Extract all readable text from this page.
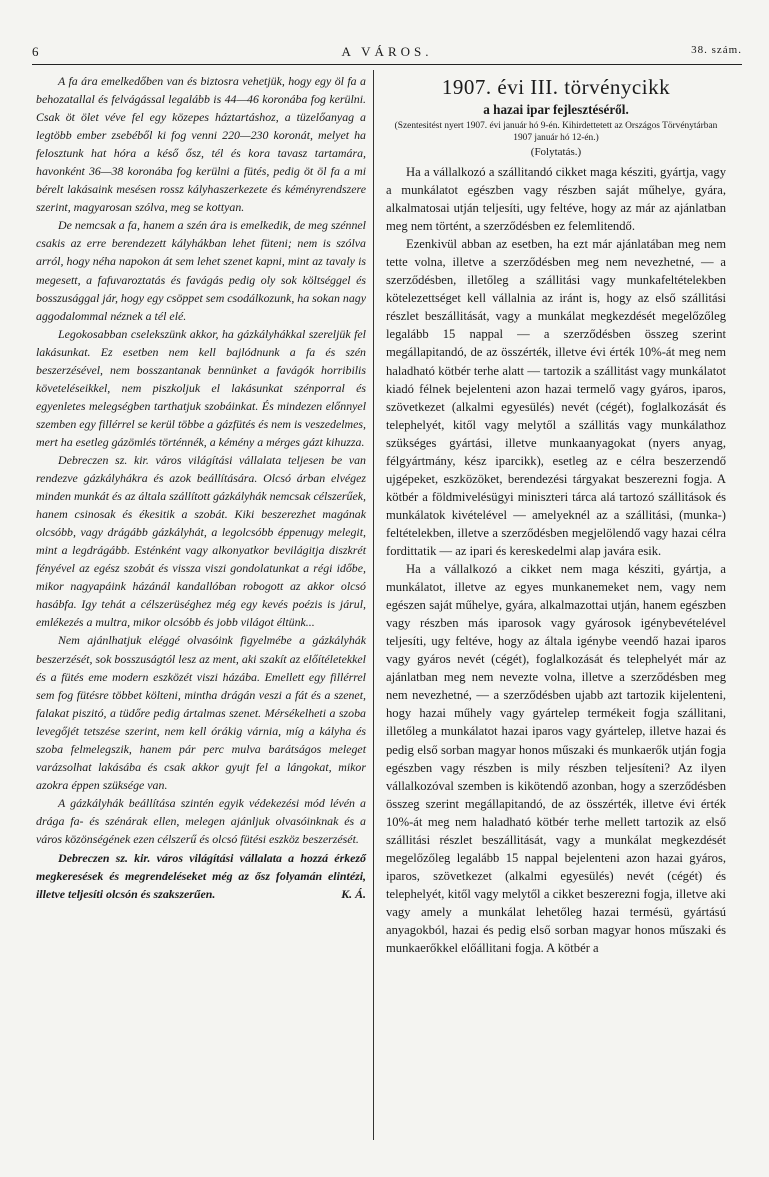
6	A VÁROS.	38. szám.

A fa ára emelkedőben van és biztosra vehetjük, hogy egy öl fa a behozatallal és felvágással legalább is 44—46 koronába fog kerülni. Csak öt ölet véve fel egy közepes háztartáshoz, a tüzelőanyag a legtöbb ember zsebéből ki fog venni 220—230 koronát, melyet ha felosztunk hat hóra a késő ősz, tél és kora tavasz tartamára, havonként 36—38 koronába fog kerülni a fütés, pedig öt öl fa a mi bérelt lakásaink mesésen rossz kályhaszerkezete és kéményrendszere szerint, magyarosan szólva, meg se kottyan.

De nemcsak a fa, hanem a szén ára is emelkedik, de meg szénnel csakis az erre berendezett kályhákban lehet füteni; nem is szólva arról, hogy néha napokon át sem lehet szenet kapni, mint az tavaly is megesett, a fafuvaroztatás és favágás pedig oly sok költséggel és bosszusággal jár, hogy egy csöppet sem csodálkozunk, ha sokan nagy aggodalommal néznek a tél elé.

Legokosabban cselekszünk akkor, ha gázkályhákkal szereljük fel lakásunkat. Ez esetben nem kell bajlódnunk a fa és szén beszerzésével, nem bosszantanak bennünket a favágók horribilis követeléseikkel, nem piszkoljuk el lakásunkat szénporral és egyenletes melegségben tarthatjuk szobáinkat. És mindezen előnnyel szemben egy fillérrel se kerül többe a gázfütés és nem is veszedelmes, mert ha esetleg gázömlés történnék, a kémény a mérges gázt kihuzza.

Debreczen sz. kir. város világítási vállalata teljesen be van rendezve gázkályhákra és azok beállítására. Olcsó árban elvégez minden munkát és az általa szállított gázkályhák nemcsak célszerűek, hanem csinosak és ékesitik a szobát. Kiki beszerezhet magának olcsóbb, vagy drágább gázkályhát, a legolcsóbb éppenugy melegit, mint a legdrágább. Esténként vagy alkonyatkor bevilágitja diszkrét fényével az egész szobát és vissza viszi gondolatunkat a régi időbe, mikor nagyapáink házánál kandallóban robogott az akkor olcsó hasábfa. Igy tehát a célszerüséghez még egy kevés poézis is járul, emlékezés a multra, mikor olcsóbb és jobb világot éltünk...

Nem ajánlhatjuk eléggé olvasóink figyelmébe a gázkályhák beszerzését, sok bosszuságtól lesz az ment, aki szakít az előítéletekkel és a fütés eme modern eszközét viszi házába. Emellett egy fillérrel sem fog fütésre többet költeni, mintha drágán veszi a fát és a szenet, falakat piszitó, a tüdőre pedig ártalmas szenet. Mérsékelheti a szoba levegőjét tetszése szerint, nem kell órákig várnia, míg a kályha és szoba felmelegszik, hanem pár perc mulva barátságos meleget varázsolhat lakásába és csak akkor gyujt fel a lángokat, mikor azokra éppen szüksége van.

A gázkályhák beállítása szintén egyik védekezési mód lévén a drága fa- és szénárak ellen, melegen ajánljuk olvasóinknak és a város közönségének ezen célszerű és olcsó fütési eszköz beszerzését.

Debreczen sz. kir. város világítási vállalata a hozzá érkező megkeresések és megrendeléseket még az ősz folyamán elintézi, illetve teljesíti olcsón és szakszerűen.	K. Á.

1907. évi III. törvénycikk
a hazai ipar fejlesztéséről.

(Szentesitést nyert 1907. évi január hó 9-én. Kihirdettetett az Országos Törvénytárban 1907 január hó 12-én.)

(Folytatás.)

Ha a vállalkozó a szállitandó cikket maga késziti, gyártja, vagy a munkálatot egészben vagy részben saját műhelye, gyára, alkalmatosai utján teljesíti, ugy feltéve, hogy az már az ajánlatban meg nem történt, a szerződésben ez felemlitendő.

Ezenkivül abban az esetben, ha ezt már ajánlatában meg nem tette volna, illetve a szerződésben meg nem nevezhetné, — a szerződésben, illetőleg a szállitási vagy munkafeltételekben kötelezettséget kell vállalnia az iránt is, hogy az első szállitási részlet beszállitását, vagy a munkálat megkezdését megelőzőleg legalább 15 nappal — a szerződésben összeg szerint megállapitandó, de az összérték, illetve évi érték 10%-át meg nem haladható kötbér terhe alatt — tartozik a szállitást vagy munkálatot kiadó félnek bejelenteni azon hazai termelő vagy gyáros, iparos, szövetkezet (alkalmi egyesülés) nevét (cégét), foglalkozását és telephelyét, kitől vagy melytől a szállitás vagy munkálathoz szükséges gyártási, illetve munkaanyagokat (nyers anyag, félgyártmány, kész iparcikk), esetleg az e célra beszerzendő ujgépeket, eszközöket, berendezési tárgyakat beszerezni fogja. A kötbér a földmivelésügyi miniszteri tárca alá tartozó szállitások és munkálatok kivételével — amelyeknél az a szállitási, (munka-) feltételekben, illetve a szerződésben megjelölendő vagy hazai célra fordittatik — az ipari és kereskedelmi alap javára esik.

Ha a vállalkozó a cikket nem maga késziti, gyártja, a munkálatot, illetve az egyes munkanemeket nem, vagy nem egészen saját műhelye, gyára, alkalmazottai utján, hanem egészben vagy részben más iparosok vagy gyárosok igénybevételével teljesíti, ugy feltéve, hogy az általa igénybe veendő hazai iparos vagy gyáros nevét (cégét), foglalkozását és telephelyét már az ajánlatban meg nem nevezte volna, illetve a szerződésben meg nem nevezhetné, — a szerződésben ujabb azt tartozik kijelenteni, hogy hazai műhely vagy gyártelep termékeit fogja szállitani, illetőleg a munkálatot hazai iparos vagy gyártelep, illetve hazai és pedig első sorban magyar honos műszaki és munkaerők utján fogja egészben vagy részben is mily részben teljesíteni? Az ilyen vállalkozóval szemben is kikötendő azonban, hogy a szerződésben összeg szerint megállapitandó, de az összérték, illetve évi érték 10%-át meg nem haladható kötbér terhe mellett tartozik az első szállitási részlet beszállitását, vagy a munkálat megkezdését megelőzőleg legalább 15 nappal bejelenteni azon hazai gyáros, iparos, szövetkezet (alkalmi egyesülés) nevét (cégét) és telephelyét, kitől vagy melytől a cikket beszerezni fogja, illetve aki vagy amely a munkálat lehetőleg hazai termésü, gyártású anyagokból, hazai és pedig első sorban magyar honos műszaki és munkaerőkkel előállitani fogja. A kötbér a
